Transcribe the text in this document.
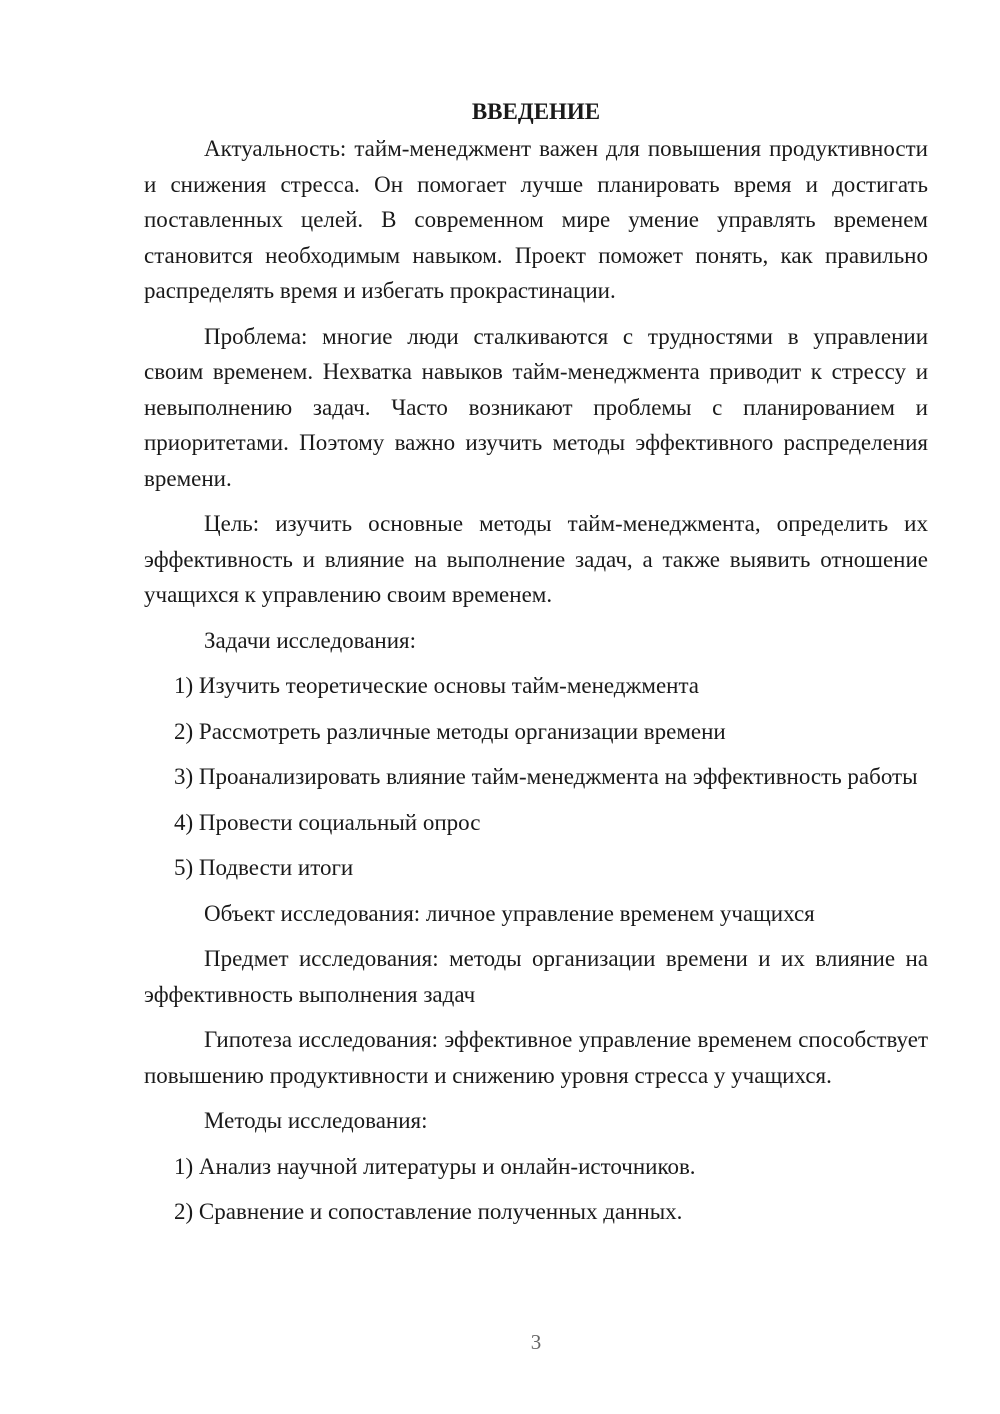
ВВЕДЕНИЕ

Актуальность: тайм-менеджмент важен для повышения продуктивности и снижения стресса. Он помогает лучше планировать время и достигать поставленных целей. В современном мире умение управлять временем становится необходимым навыком. Проект поможет понять, как правильно распределять время и избегать прокрастинации.

Проблема: многие люди сталкиваются с трудностями в управлении своим временем. Нехватка навыков тайм-менеджмента приводит к стрессу и невыполнению задач. Часто возникают проблемы с планированием и приоритетами. Поэтому важно изучить методы эффективного распределения времени.

Цель: изучить основные методы тайм-менеджмента, определить их эффективность и влияние на выполнение задач, а также выявить отношение учащихся к управлению своим временем.

Задачи исследования:

1) Изучить теоретические основы тайм-менеджмента

2) Рассмотреть различные методы организации времени

3) Проанализировать влияние тайм-менеджмента на эффективность работы

4) Провести социальный опрос

5) Подвести итоги

Объект исследования: личное управление временем учащихся

Предмет исследования: методы организации времени и их влияние на эффективность выполнения задач

Гипотеза исследования: эффективное управление временем способствует повышению продуктивности и снижению уровня стресса у учащихся.

Методы исследования:

1) Анализ научной литературы и онлайн-источников.

2) Сравнение и сопоставление полученных данных.

3
